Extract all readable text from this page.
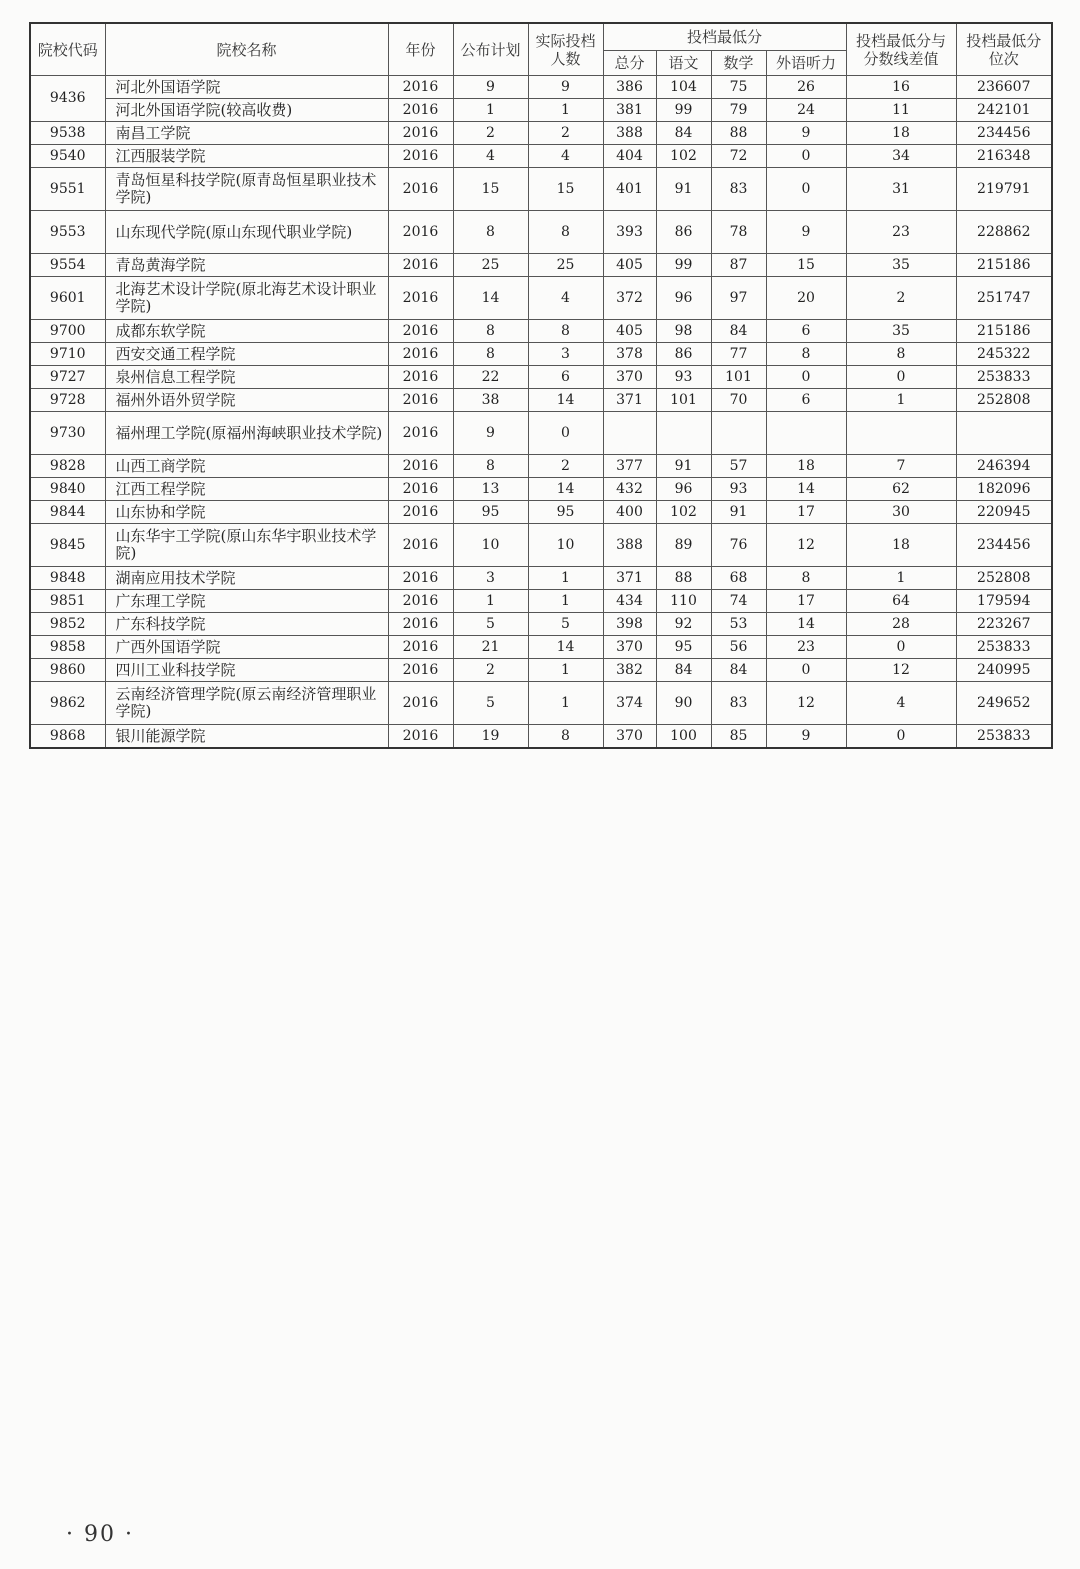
院校代码	院校名称	年份	公布计划	实际投档人数	投档最低分				投档最低分与分数线差值	投档最低分位次
					总分	语文	数学	外语听力		
9436	河北外国语学院	2016	9	9	386	104	75	26	16	236607
	河北外国语学院(较高收费)	2016	1	1	381	99	79	24	11	242101
9538	南昌工学院	2016	2	2	388	84	88	9	18	234456
9540	江西服装学院	2016	4	4	404	102	72	0	34	216348
9551	青岛恒星科技学院(原青岛恒星职业技术学院)	2016	15	15	401	91	83	0	31	219791
9553	山东现代学院(原山东现代职业学院)	2016	8	8	393	86	78	9	23	228862
9554	青岛黄海学院	2016	25	25	405	99	87	15	35	215186
9601	北海艺术设计学院(原北海艺术设计职业学院)	2016	14	4	372	96	97	20	2	251747
9700	成都东软学院	2016	8	8	405	98	84	6	35	215186
9710	西安交通工程学院	2016	8	3	378	86	77	8	8	245322
9727	泉州信息工程学院	2016	22	6	370	93	101	0	0	253833
9728	福州外语外贸学院	2016	38	14	371	101	70	6	1	252808
9730	福州理工学院(原福州海峡职业技术学院)	2016	9	0						
9828	山西工商学院	2016	8	2	377	91	57	18	7	246394
9840	江西工程学院	2016	13	14	432	96	93	14	62	182096
9844	山东协和学院	2016	95	95	400	102	91	17	30	220945
9845	山东华宇工学院(原山东华宇职业技术学院)	2016	10	10	388	89	76	12	18	234456
9848	湖南应用技术学院	2016	3	1	371	88	68	8	1	252808
9851	广东理工学院	2016	1	1	434	110	74	17	64	179594
9852	广东科技学院	2016	5	5	398	92	53	14	28	223267
9858	广西外国语学院	2016	21	14	370	95	56	23	0	253833
9860	四川工业科技学院	2016	2	1	382	84	84	0	12	240995
9862	云南经济管理学院(原云南经济管理职业学院)	2016	5	1	374	90	83	12	4	249652
9868	银川能源学院	2016	19	8	370	100	85	9	0	253833
· 90 ·
